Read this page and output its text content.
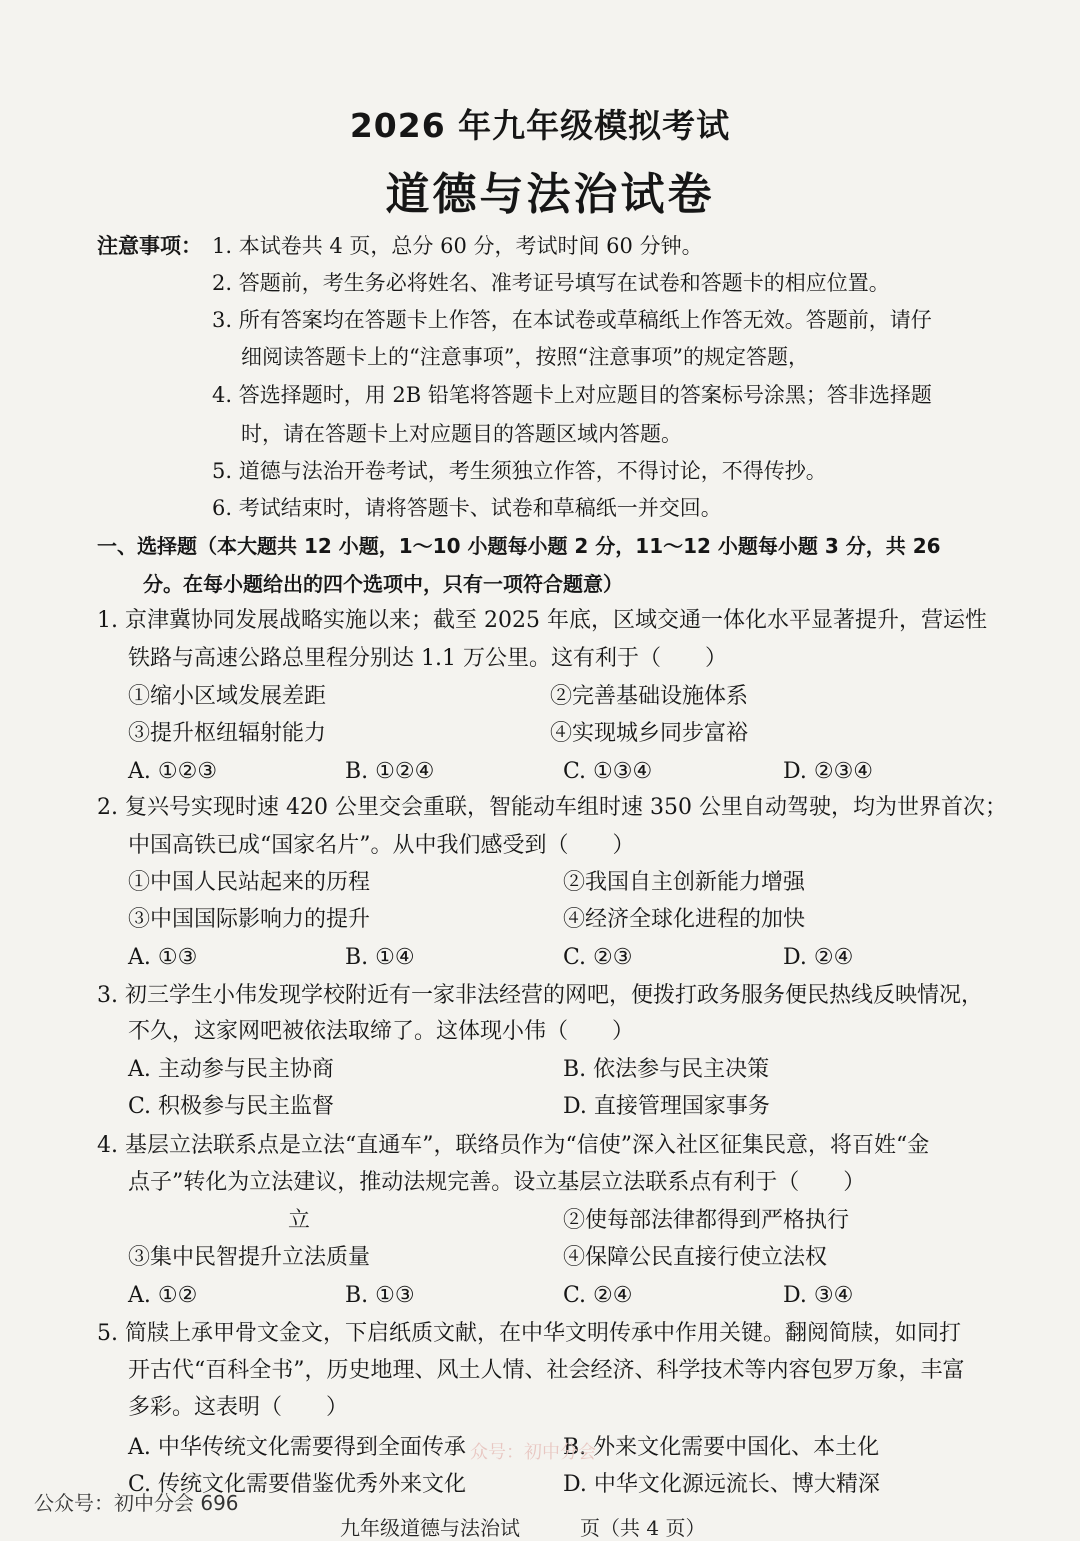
2026 年九年级模拟考试
道德与法治试卷
注意事项： 1. 本试卷共 4 页，总分 60 分，考试时间 60 分钟。
2. 答题前，考生务必将姓名、准考证号填写在试卷和答题卡的相应位置。
3. 所有答案均在答题卡上作答，在本试卷或草稿纸上作答无效。答题前，请仔
细阅读答题卡上的“注意事项”，按照“注意事项”的规定答题，
4. 答选择题时，用 2B 铅笔将答题卡上对应题目的答案标号涂黑；答非选择题
时，请在答题卡上对应题目的答题区域内答题。
5. 道德与法治开卷考试，考生须独立作答，不得讨论，不得传抄。
6. 考试结束时，请将答题卡、试卷和草稿纸一并交回。
一、选择题（本大题共 12 小题，1～10 小题每小题 2 分，11～12 小题每小题 3 分，共 26
分。在每小题给出的四个选项中，只有一项符合题意）
1. 京津冀协同发展战略实施以来；截至 2025 年底，区域交通一体化水平显著提升，营运性
铁路与高速公路总里程分别达 1.1 万公里。这有利于（　　）
①缩小区域发展差距	②完善基础设施体系
③提升枢纽辐射能力	④实现城乡同步富裕
A. ①②③	B. ①②④	C. ①③④	D. ②③④
2. 复兴号实现时速 420 公里交会重联，智能动车组时速 350 公里自动驾驶，均为世界首次；
中国高铁已成“国家名片”。从中我们感受到（　　）
①中国人民站起来的历程	②我国自主创新能力增强
③中国国际影响力的提升	④经济全球化进程的加快
A. ①③	B. ①④	C. ②③	D. ②④
3. 初三学生小伟发现学校附近有一家非法经营的网吧，便拨打政务服务便民热线反映情况，
不久，这家网吧被依法取缔了。这体现小伟（　　）
A. 主动参与民主协商	B. 依法参与民主决策
C. 积极参与民主监督	D. 直接管理国家事务
4. 基层立法联系点是立法“直通车”，联络员作为“信使”深入社区征集民意，将百姓“金
点子”转化为立法建议，推动法规完善。设立基层立法联系点有利于（　　）
立	②使每部法律都得到严格执行
③集中民智提升立法质量	④保障公民直接行使立法权
A. ①②	B. ①③	C. ②④	D. ③④
5. 简牍上承甲骨文金文，下启纸质文献，在中华文明传承中作用关键。翻阅简牍，如同打
开古代“百科全书”，历史地理、风土人情、社会经济、科学技术等内容包罗万象，丰富
多彩。这表明（　　）
A. 中华传统文化需要得到全面传承	B. 外来文化需要中国化、本土化
C. 传统文化需要借鉴优秀外来文化	D. 中华文化源远流长、博大精深
众号：初中分会
公众号：初中分会 696
九年级道德与法治试　　　页（共 4 页）
